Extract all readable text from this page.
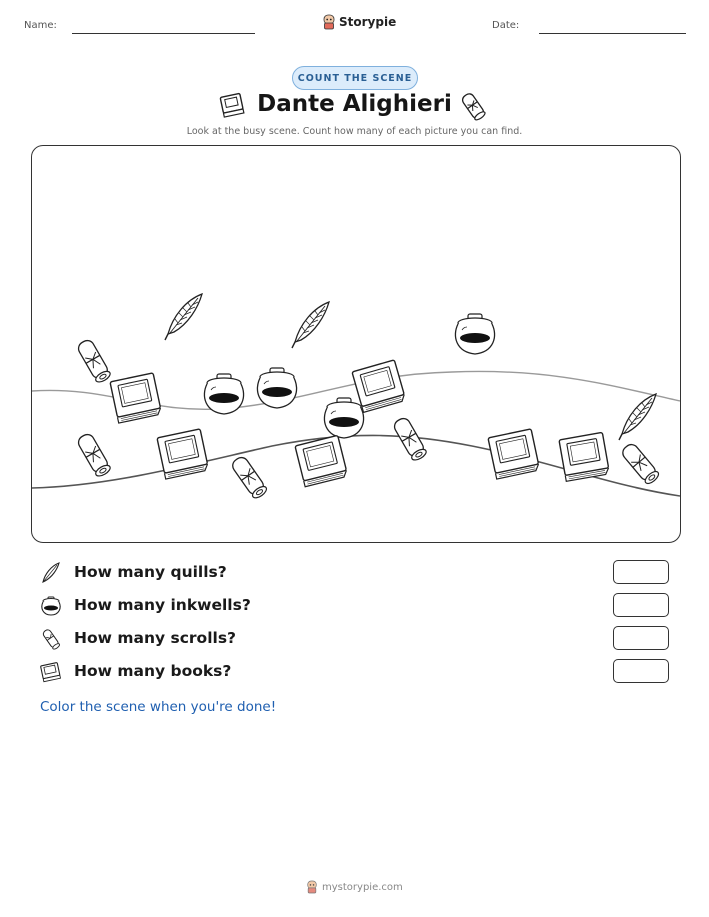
Name:	Storypie	Date:
COUNT THE SCENE
Dante Alighieri
Look at the busy scene. Count how many of each picture you can find.
How many quills?
How many inkwells?
How many scrolls?
How many books?
Color the scene when you're done!
mystorypie.com
